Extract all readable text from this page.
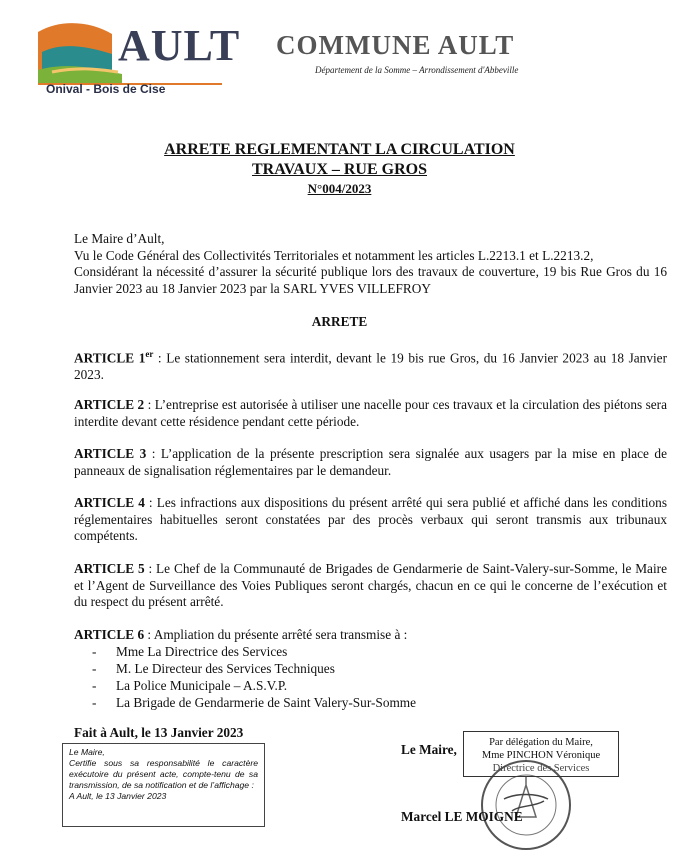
AULT
Onival - Bois de Cise
COMMUNE AULT
Département de la Somme – Arrondissement d'Abbeville
ARRETE REGLEMENTANT LA CIRCULATION
TRAVAUX – RUE GROS
N°004/2023
Le Maire d’Ault,
Vu le Code Général des Collectivités Territoriales et notamment les articles L.2213.1 et L.2213.2,
Considérant la nécessité d’assurer la sécurité publique lors des travaux de couverture, 19 bis Rue Gros du 16 Janvier 2023 au 18 Janvier 2023 par la SARL YVES VILLEFROY
ARRETE
ARTICLE 1er : Le stationnement sera interdit, devant le 19 bis rue Gros, du 16 Janvier 2023 au 18 Janvier 2023.
ARTICLE 2 : L’entreprise est autorisée à utiliser une nacelle pour ces travaux et la circulation des piétons sera interdite devant cette résidence pendant cette période.
ARTICLE 3 : L’application de la présente prescription sera signalée aux usagers par la mise en place de panneaux de signalisation réglementaires par le demandeur.
ARTICLE 4 : Les infractions aux dispositions du présent arrêté qui sera publié et affiché dans les conditions réglementaires habituelles seront constatées par des procès verbaux qui seront transmis aux tribunaux compétents.
ARTICLE 5 : Le Chef de la Communauté de Brigades de Gendarmerie de Saint-Valery-sur-Somme, le Maire et l’Agent de Surveillance des Voies Publiques seront chargés, chacun en ce qui le concerne de l’exécution et du respect du présent arrêté.
ARTICLE 6 : Ampliation du présente arrêté sera transmise à :
- Mme La Directrice des Services
- M. Le Directeur des Services Techniques
- La Police Municipale – A.S.V.P.
- La Brigade de Gendarmerie de Saint Valery-Sur-Somme
Fait à Ault, le 13 Janvier 2023
Le Maire,
Certifie sous sa responsabilité le caractère exécutoire du présent acte, compte-tenu de sa transmission, de sa notification et de l’affichage :
A Ault, le 13 Janvier 2023
Le Maire,	Par délégation du Maire,
Mme PINCHON Véronique
Directrice des Services
Marcel LE MOIGNE
